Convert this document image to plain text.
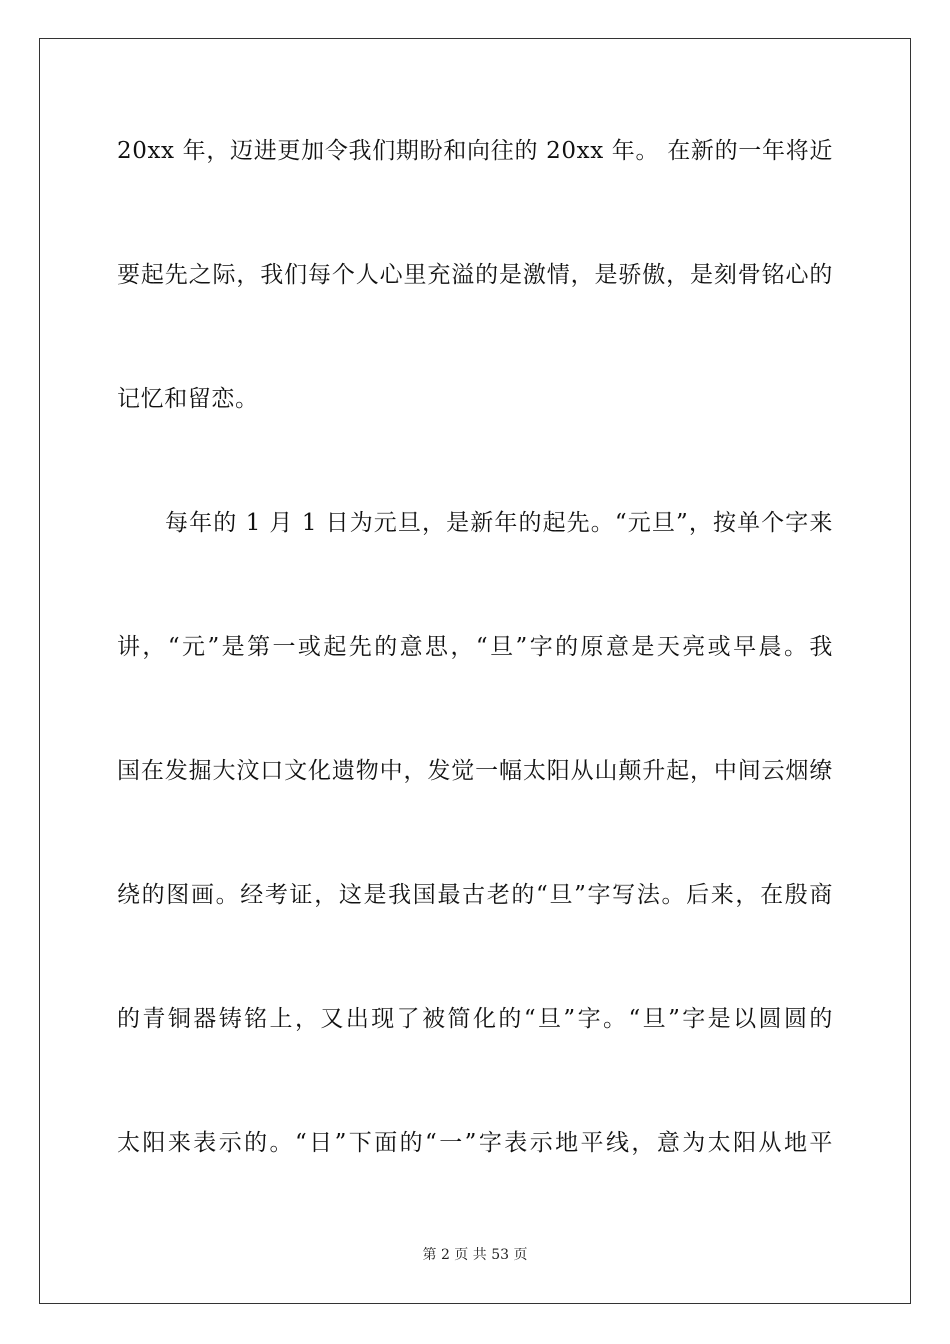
20xx 年，迈进更加令我们期盼和向往的 20xx 年。 在新的一年将近
要起先之际，我们每个人心里充溢的是激情，是骄傲，是刻骨铭心的
记忆和留恋。
每年的 1 月 1 日为元旦，是新年的起先。“元旦”，按单个字来
讲，“元”是第一或起先的意思，“旦”字的原意是天亮或早晨。我
国在发掘大汶口文化遗物中，发觉一幅太阳从山颠升起，中间云烟缭
绕的图画。经考证，这是我国最古老的“旦”字写法。后来，在殷商
的青铜器铸铭上，又出现了被简化的“旦”字。“旦”字是以圆圆的
太阳来表示的。“日”下面的“一”字表示地平线，意为太阳从地平
第 2 页 共 53 页
